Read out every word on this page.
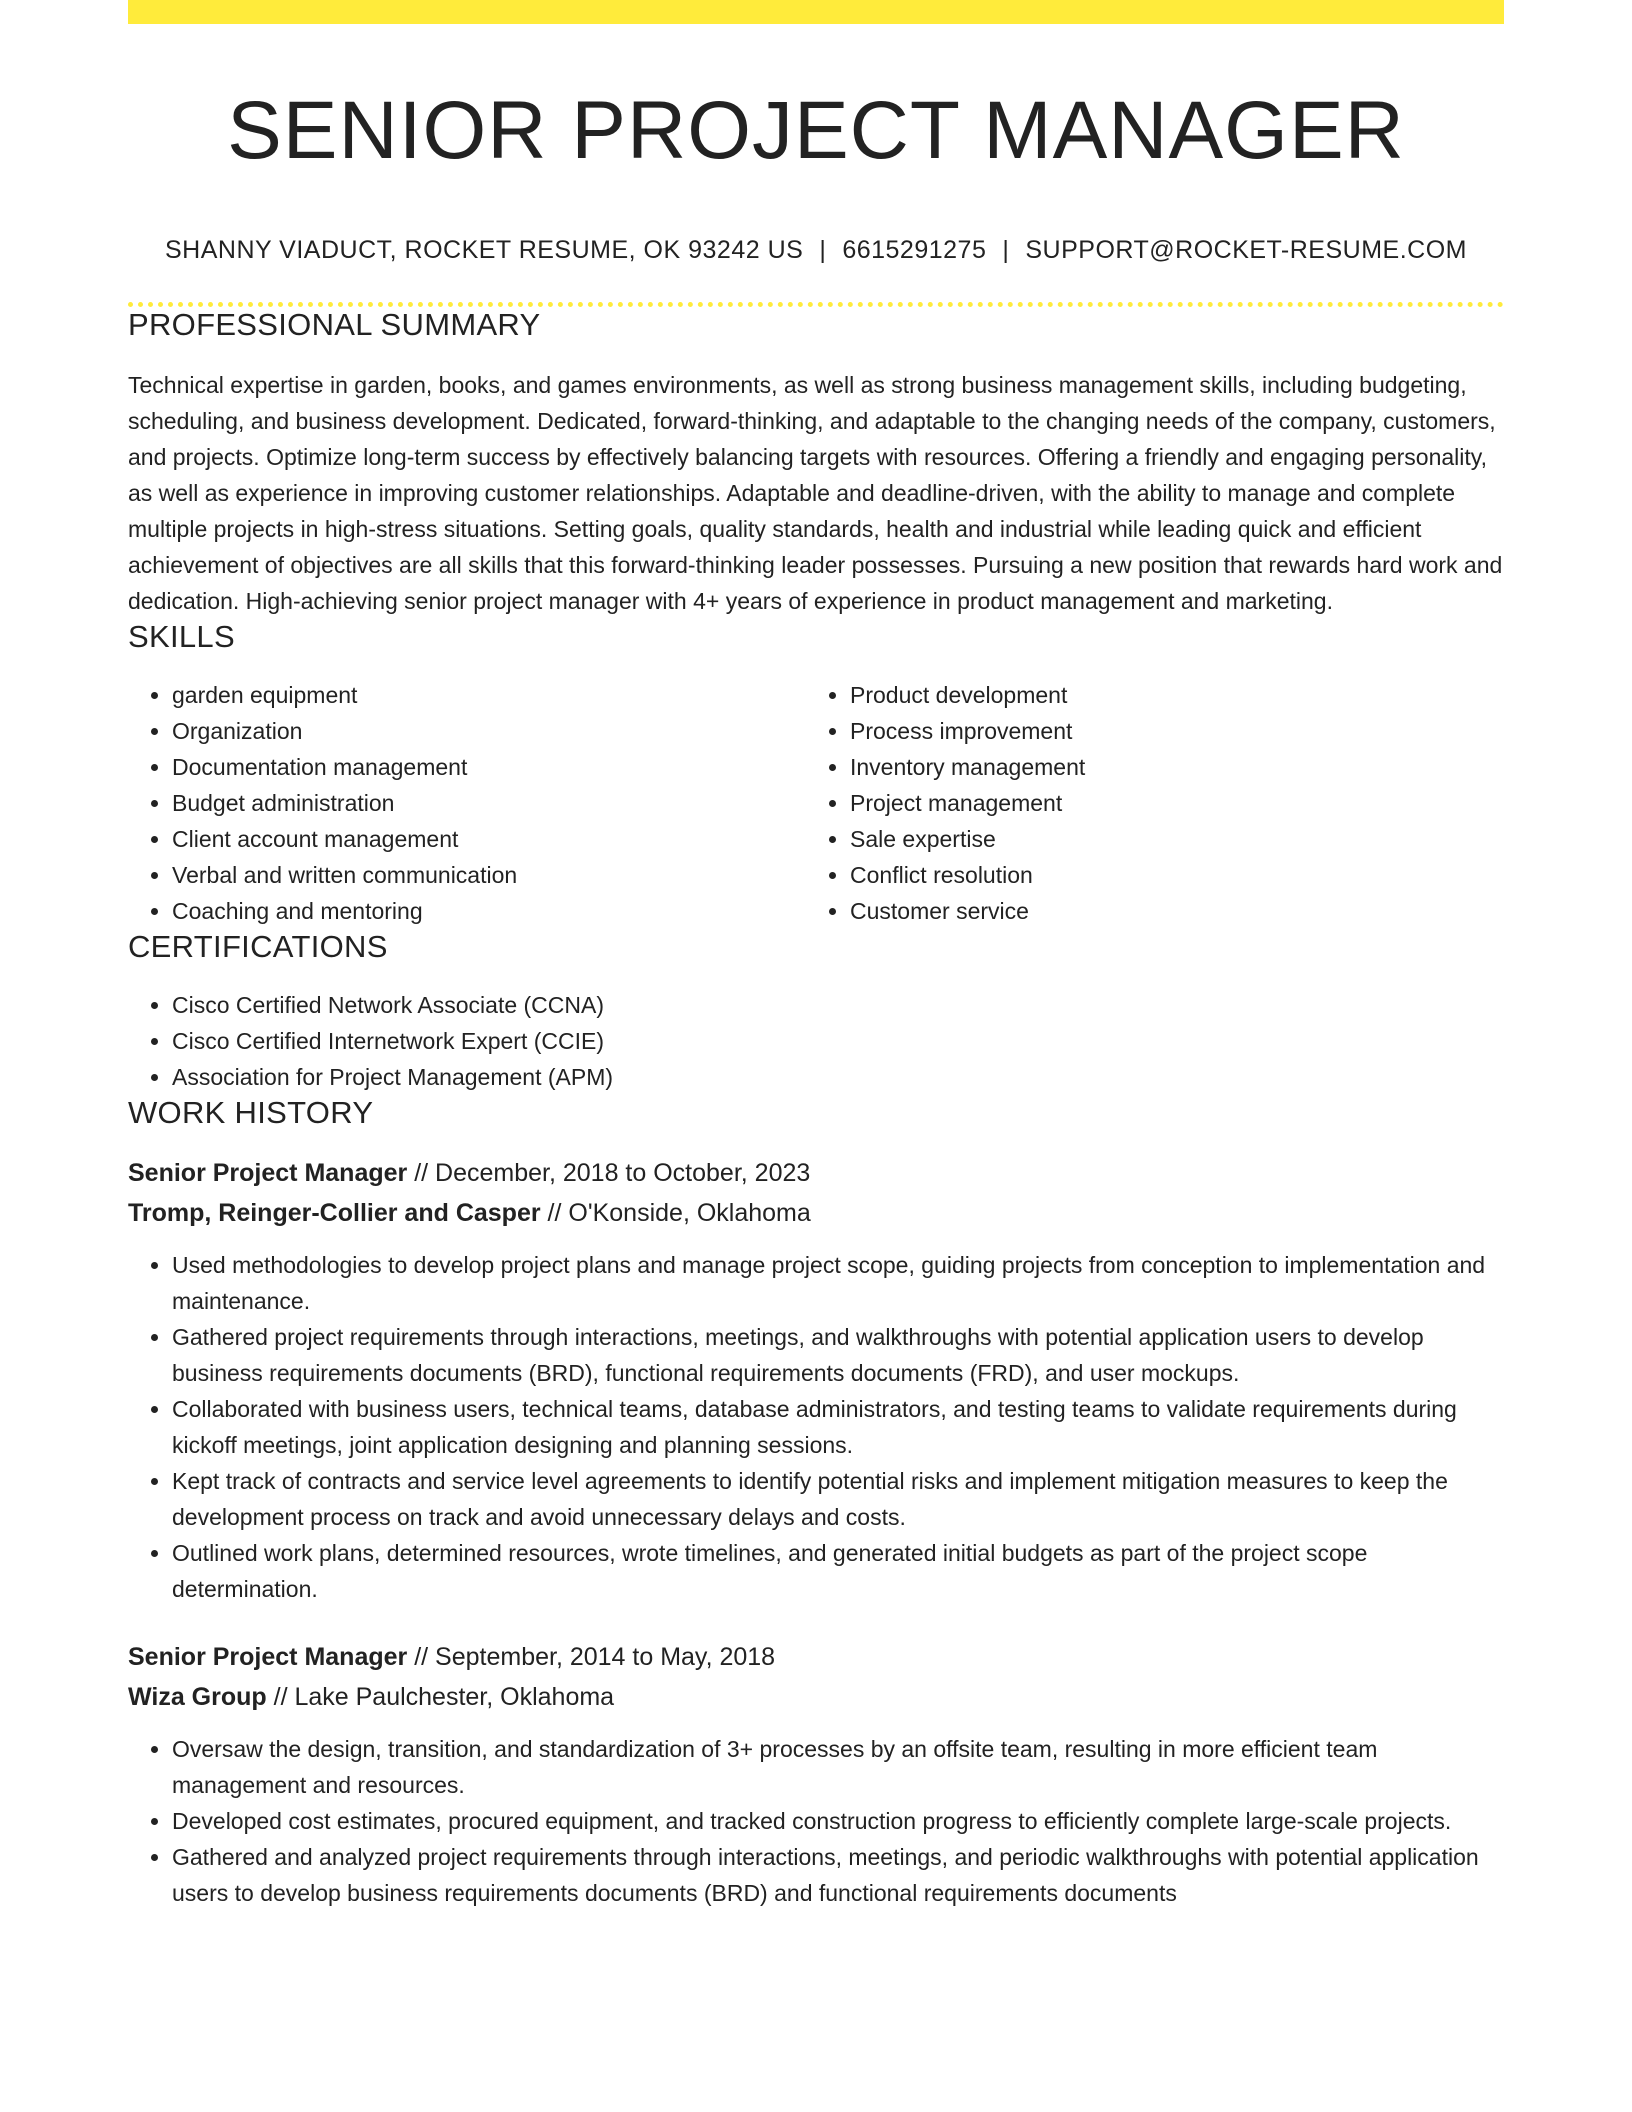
SENIOR PROJECT MANAGER
SHANNY VIADUCT, ROCKET RESUME, OK 93242 US | 6615291275 | SUPPORT@ROCKET-RESUME.COM
PROFESSIONAL SUMMARY

Technical expertise in garden, books, and games environments, as well as strong business management skills, including budgeting, scheduling, and business development. Dedicated, forward-thinking, and adaptable to the changing needs of the company, customers, and projects. Optimize long-term success by effectively balancing targets with resources. Offering a friendly and engaging personality, as well as experience in improving customer relationships. Adaptable and deadline-driven, with the ability to manage and complete multiple projects in high-stress situations. Setting goals, quality standards, health and industrial while leading quick and efficient achievement of objectives are all skills that this forward-thinking leader possesses. Pursuing a new position that rewards hard work and dedication. High-achieving senior project manager with 4+ years of experience in product management and marketing.

SKILLS
• garden equipment
• Organization
• Documentation management
• Budget administration
• Client account management
• Verbal and written communication
• Coaching and mentoring
• Product development
• Process improvement
• Inventory management
• Project management
• Sale expertise
• Conflict resolution
• Customer service
CERTIFICATIONS
• Cisco Certified Network Associate (CCNA)
• Cisco Certified Internetwork Expert (CCIE)
• Association for Project Management (APM)
WORK HISTORY
Senior Project Manager // December, 2018 to October, 2023
Tromp, Reinger-Collier and Casper // O'Konside, Oklahoma
• Used methodologies to develop project plans and manage project scope, guiding projects from conception to implementation and maintenance.
• Gathered project requirements through interactions, meetings, and walkthroughs with potential application users to develop business requirements documents (BRD), functional requirements documents (FRD), and user mockups.
• Collaborated with business users, technical teams, database administrators, and testing teams to validate requirements during kickoff meetings, joint application designing and planning sessions.
• Kept track of contracts and service level agreements to identify potential risks and implement mitigation measures to keep the development process on track and avoid unnecessary delays and costs.
• Outlined work plans, determined resources, wrote timelines, and generated initial budgets as part of the project scope determination.
Senior Project Manager // September, 2014 to May, 2018
Wiza Group // Lake Paulchester, Oklahoma
• Oversaw the design, transition, and standardization of 3+ processes by an offsite team, resulting in more efficient team management and resources.
• Developed cost estimates, procured equipment, and tracked construction progress to efficiently complete large-scale projects.
• Gathered and analyzed project requirements through interactions, meetings, and periodic walkthroughs with potential application users to develop business requirements documents (BRD) and functional requirements documents
